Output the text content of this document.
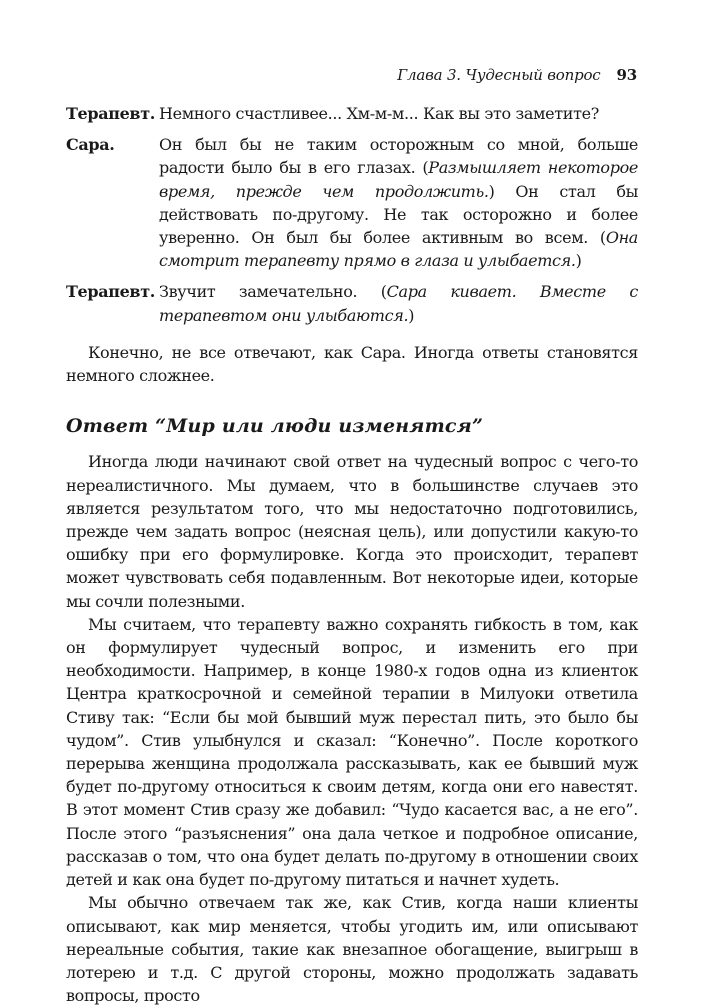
Глава 3. Чудесный вопрос 93
Терапевт. Немного счастливее... Хм-м-м... Как вы это заметите?
Сара.	Он был бы не таким осторожным со мной, больше радости было бы в его глазах. (Размышляет некоторое время, прежде чем продолжить.) Он стал бы действовать по-другому. Не так осторожно и более уверенно. Он был бы более активным во всем. (Она смотрит терапевту прямо в глаза и улыбается.)
Терапевт. Звучит замечательно. (Сара кивает. Вместе с терапевтом они улыбаются.)

Конечно, не все отвечают, как Сара. Иногда ответы становятся немного сложнее.

Ответ “Мир или люди изменятся”

Иногда люди начинают свой ответ на чудесный вопрос с чего-то нереалистичного. Мы думаем, что в большинстве случаев это является результатом того, что мы недостаточно подготовились, прежде чем задать вопрос (неясная цель), или допустили какую-то ошибку при его формулировке. Когда это происходит, терапевт может чувствовать себя подавленным. Вот некоторые идеи, которые мы сочли полезными.

Мы считаем, что терапевту важно сохранять гибкость в том, как он формулирует чудесный вопрос, и изменить его при необходимости. Например, в конце 1980-х годов одна из клиенток Центра краткосрочной и семейной терапии в Милуоки ответила Стиву так: “Если бы мой бывший муж перестал пить, это было бы чудом”. Стив улыбнулся и сказал: “Конечно”. После короткого перерыва женщина продолжала рассказывать, как ее бывший муж будет по-другому относиться к своим детям, когда они его навестят. В этот момент Стив сразу же добавил: “Чудо касается вас, а не его”. После этого “разъяснения” она дала четкое и подробное описание, рассказав о том, что она будет делать по-другому в отношении своих детей и как она будет по-другому питаться и начнет худеть.

Мы обычно отвечаем так же, как Стив, когда наши клиенты описывают, как мир меняется, чтобы угодить им, или описывают нереальные события, такие как внезапное обогащение, выигрыш в лотерею и т.д. С другой стороны, можно продолжать задавать вопросы, просто
